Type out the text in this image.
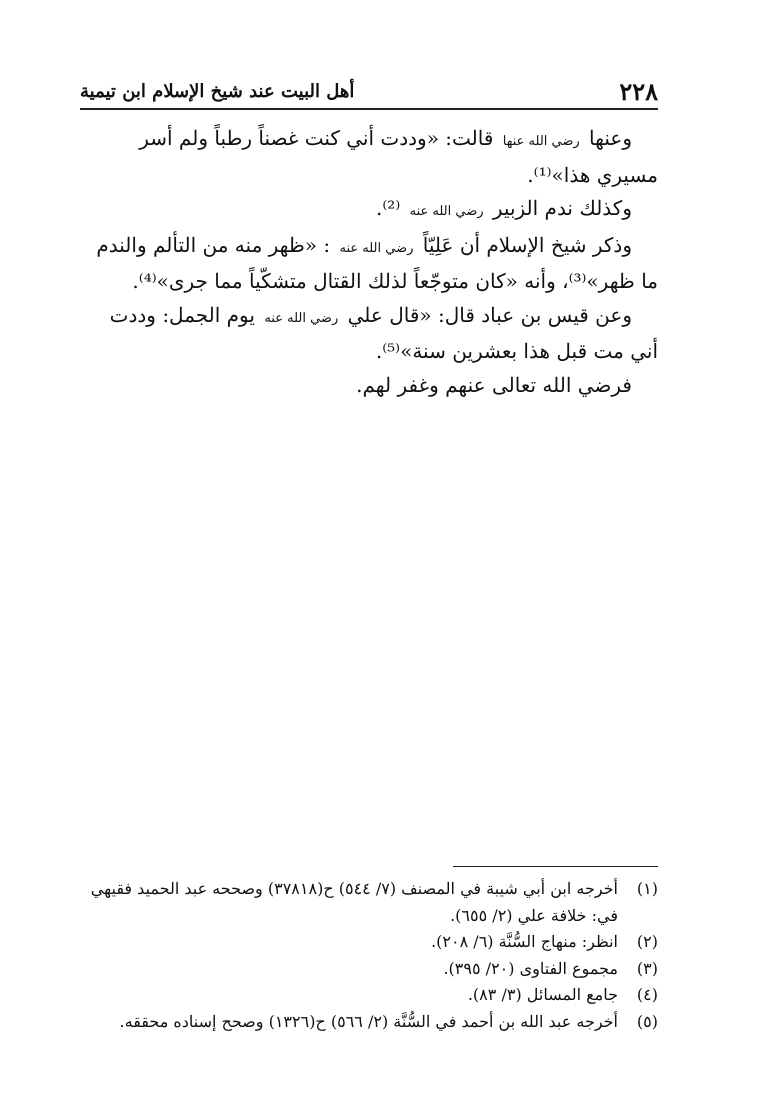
٢٢٨
أهل البيت عند شيخ الإسلام ابن تيمية

وعنها رضي الله عنها قالت: «وددت أني كنت غصناً رطباً ولم أسر مسيري هذا»⁽¹⁾.

وكذلك ندم الزبير رضي الله عنه ⁽²⁾.

وذكر شيخ الإسلام أن عَلِيّاً رضي الله عنه : «ظهر منه من التألم والندم ما ظهر»⁽³⁾، وأنه «كان متوجّعاً لذلك القتال متشكّياً مما جرى»⁽⁴⁾.

وعن قيس بن عباد قال: «قال علي رضي الله عنه يوم الجمل: وددت أني مت قبل هذا بعشرين سنة»⁽⁵⁾.

فرضي الله تعالى عنهم وغفر لهم.

(١)
أخرجه ابن أبي شيبة في المصنف (٧/ ٥٤٤) ح(٣٧٨١٨) وصححه عبد الحميد فقيهي في: خلافة علي (٢/ ٦٥٥).
(٢)
انظر: منهاج السُّنَّة (٦/ ٢٠٨).
(٣)
مجموع الفتاوى (٢٠/ ٣٩٥).
(٤)
جامع المسائل (٣/ ٨٣).
(٥)
أخرجه عبد الله بن أحمد في السُّنَّة (٢/ ٥٦٦) ح(١٣٢٦) وصحح إسناده محققه.
